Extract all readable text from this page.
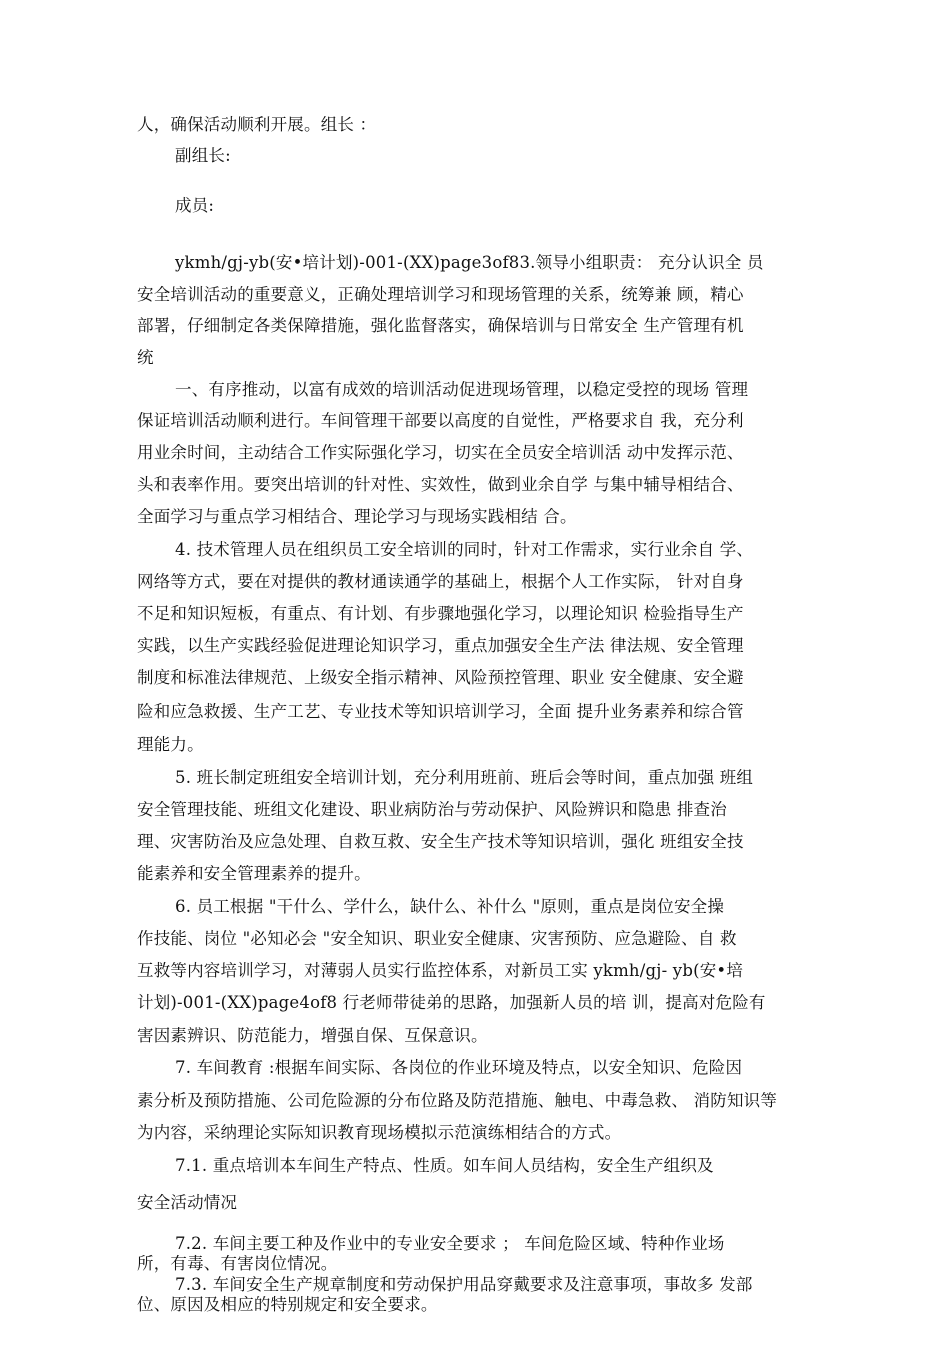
人，确保活动顺利开展。组长 ：
副组长:
成员:
ykmh/gj-yb(安•培计划)-001-(XX)page3of83.领导小组职责： 充分认识全 员
安全培训活动的重要意义，正确处理培训学习和现场管理的关系，统筹兼 顾，精心
部署，仔细制定各类保障措施，强化监督落实，确保培训与日常安全 生产管理有机
统
一、有序推动，以富有成效的培训活动促进现场管理，以稳定受控的现场 管理
保证培训活动顺利进行。车间管理干部要以高度的自觉性，严格要求自 我，充分利
用业余时间，主动结合工作实际强化学习，切实在全员安全培训活 动中发挥示范、
头和表率作用。要突出培训的针对性、实效性，做到业余自学 与集中辅导相结合、
全面学习与重点学习相结合、理论学习与现场实践相结 合。
4. 技术管理人员在组织员工安全培训的同时，针对工作需求，实行业余自 学、
网络等方式，要在对提供的教材通读通学的基础上，根据个人工作实际， 针对自身
不足和知识短板，有重点、有计划、有步骤地强化学习，以理论知识 检验指导生产
实践，以生产实践经验促进理论知识学习，重点加强安全生产法 律法规、安全管理
制度和标准法律规范、上级安全指示精神、风险预控管理、职业 安全健康、安全避
险和应急救援、生产工艺、专业技术等知识培训学习，全面 提升业务素养和综合管
理能力。
5. 班长制定班组安全培训计划，充分利用班前、班后会等时间，重点加强 班组
安全管理技能、班组文化建设、职业病防治与劳动保护、风险辨识和隐患 排查治
理、灾害防治及应急处理、自救互救、安全生产技术等知识培训，强化 班组安全技
能素养和安全管理素养的提升。
6. 员工根据 "干什么、学什么，缺什么、补什么 "原则，重点是岗位安全操
作技能、岗位 "必知必会 "安全知识、职业安全健康、灾害预防、应急避险、自 救
互救等内容培训学习，对薄弱人员实行监控体系，对新员工实 ykmh/gj- yb(安•培
计划)-001-(XX)page4of8 行老师带徒弟的思路，加强新人员的培 训，提高对危险有
害因素辨识、防范能力，增强自保、互保意识。
7. 车间教育 :根据车间实际、各岗位的作业环境及特点，以安全知识、危险因
素分析及预防措施、公司危险源的分布位路及防范措施、触电、中毒急救、 消防知识等
为内容，采纳理论实际知识教育现场模拟示范演练相结合的方式。
7.1. 重点培训本车间生产特点、性质。如车间人员结构，安全生产组织及
安全活动情况
7.2. 车间主要工种及作业中的专业安全要求 ； 车间危险区域、特种作业场
所，有毒、有害岗位情况。
7.3. 车间安全生产规章制度和劳动保护用品穿戴要求及注意事项，事故多 发部
位、原因及相应的特别规定和安全要求。
